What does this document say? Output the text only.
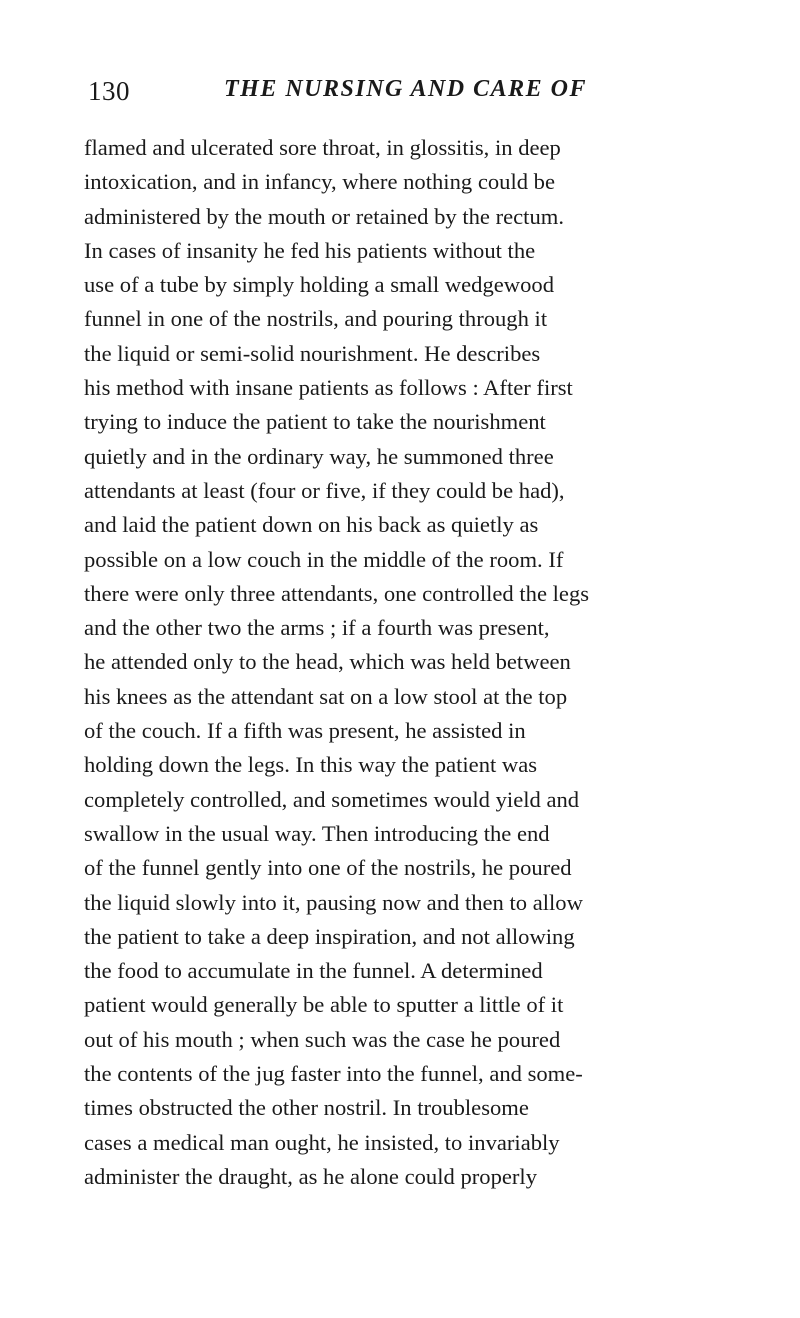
130	THE NURSING AND CARE OF
flamed and ulcerated sore throat, in glossitis, in deep
intoxication, and in infancy, where nothing could be
administered by the mouth or retained by the rectum.
In cases of insanity he fed his patients without the
use of a tube by simply holding a small wedgewood
funnel in one of the nostrils, and pouring through it
the liquid or semi-solid nourishment. He describes
his method with insane patients as follows : After first
trying to induce the patient to take the nourishment
quietly and in the ordinary way, he summoned three
attendants at least (four or five, if they could be had),
and laid the patient down on his back as quietly as
possible on a low couch in the middle of the room. If
there were only three attendants, one controlled the legs
and the other two the arms ; if a fourth was present,
he attended only to the head, which was held between
his knees as the attendant sat on a low stool at the top
of the couch. If a fifth was present, he assisted in
holding down the legs. In this way the patient was
completely controlled, and sometimes would yield and
swallow in the usual way. Then introducing the end
of the funnel gently into one of the nostrils, he poured
the liquid slowly into it, pausing now and then to allow
the patient to take a deep inspiration, and not allowing
the food to accumulate in the funnel. A determined
patient would generally be able to sputter a little of it
out of his mouth ; when such was the case he poured
the contents of the jug faster into the funnel, and some-
times obstructed the other nostril. In troublesome
cases a medical man ought, he insisted, to invariably
administer the draught, as he alone could properly
